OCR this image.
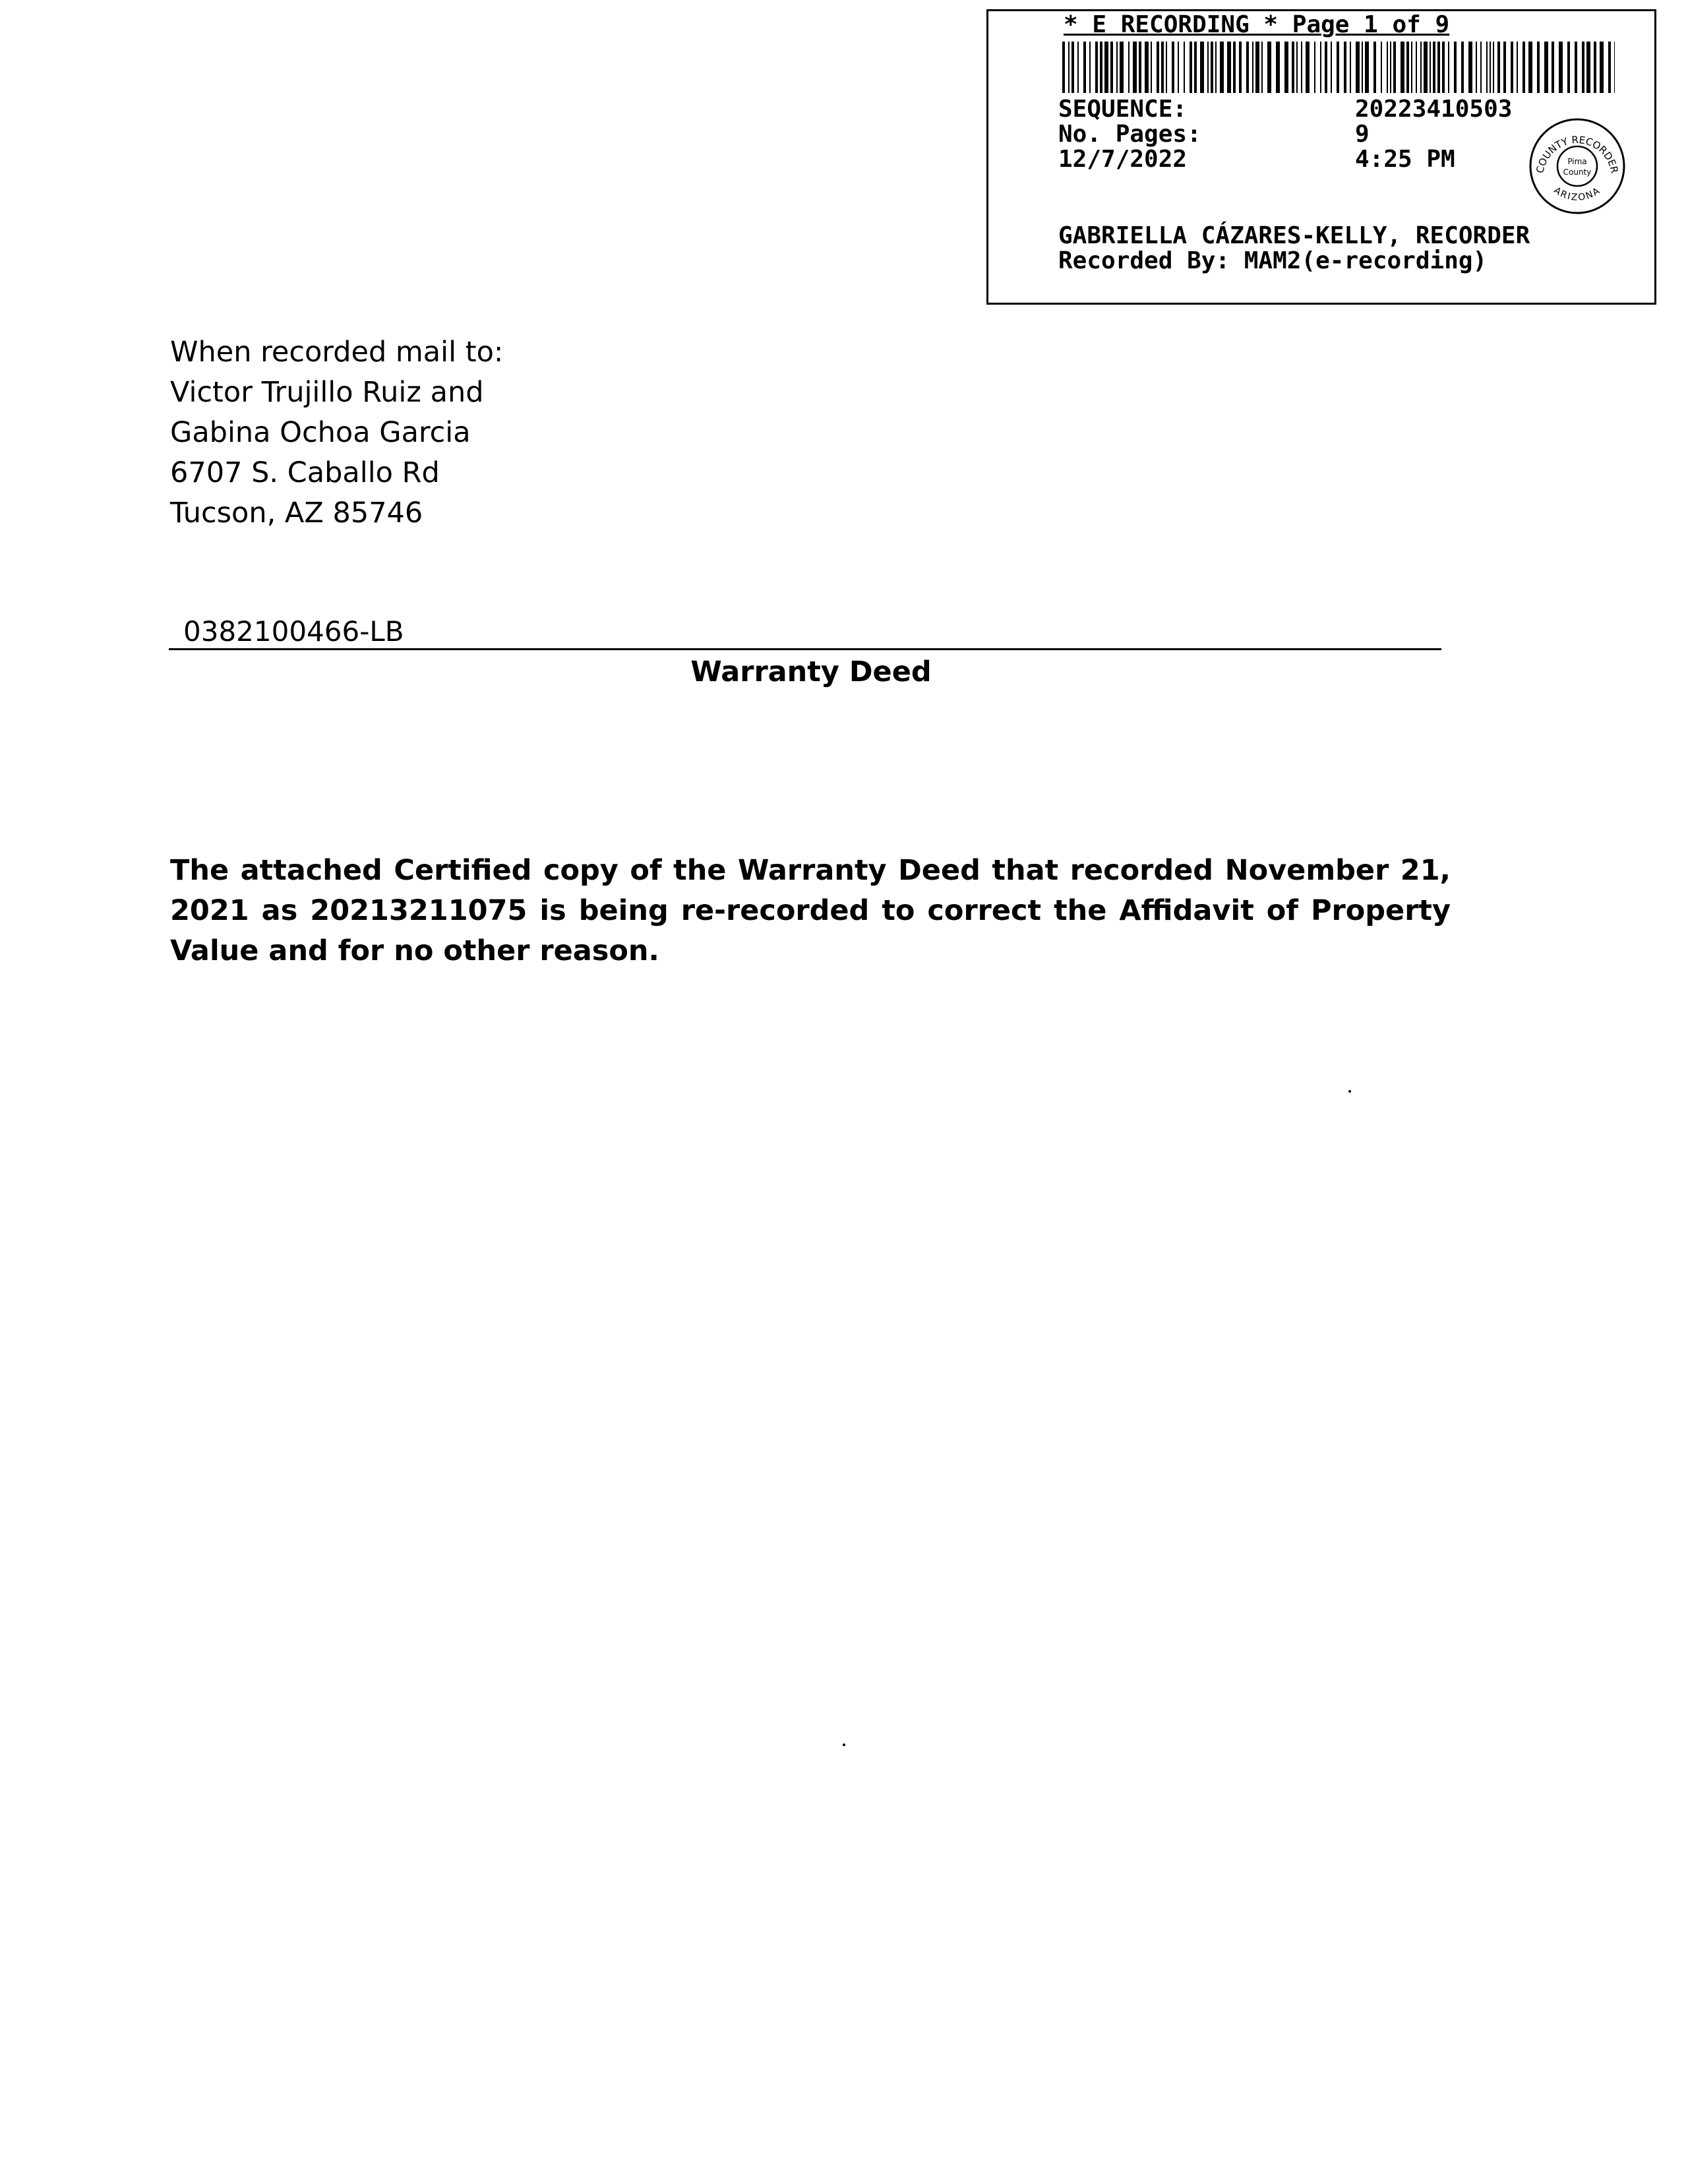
* E RECORDING * Page 1 of 9
SEQUENCE:	20223410503
No. Pages:	9
12/7/2022	4:25 PM	COUNTY RECORDER
ARIZONA
Pima
County
GABRIELLA CÁZARES-KELLY, RECORDER
Recorded By: MAM2(e-recording)
When recorded mail to:
Victor Trujillo Ruiz and
Gabina Ochoa Garcia
6707 S. Caballo Rd
Tucson, AZ 85746
0382100466-LB
Warranty Deed
The attached Certified copy of the Warranty Deed that recorded November 21, 2021 as 20213211075 is being re-recorded to correct the Affidavit of Property Value and for no other reason.
